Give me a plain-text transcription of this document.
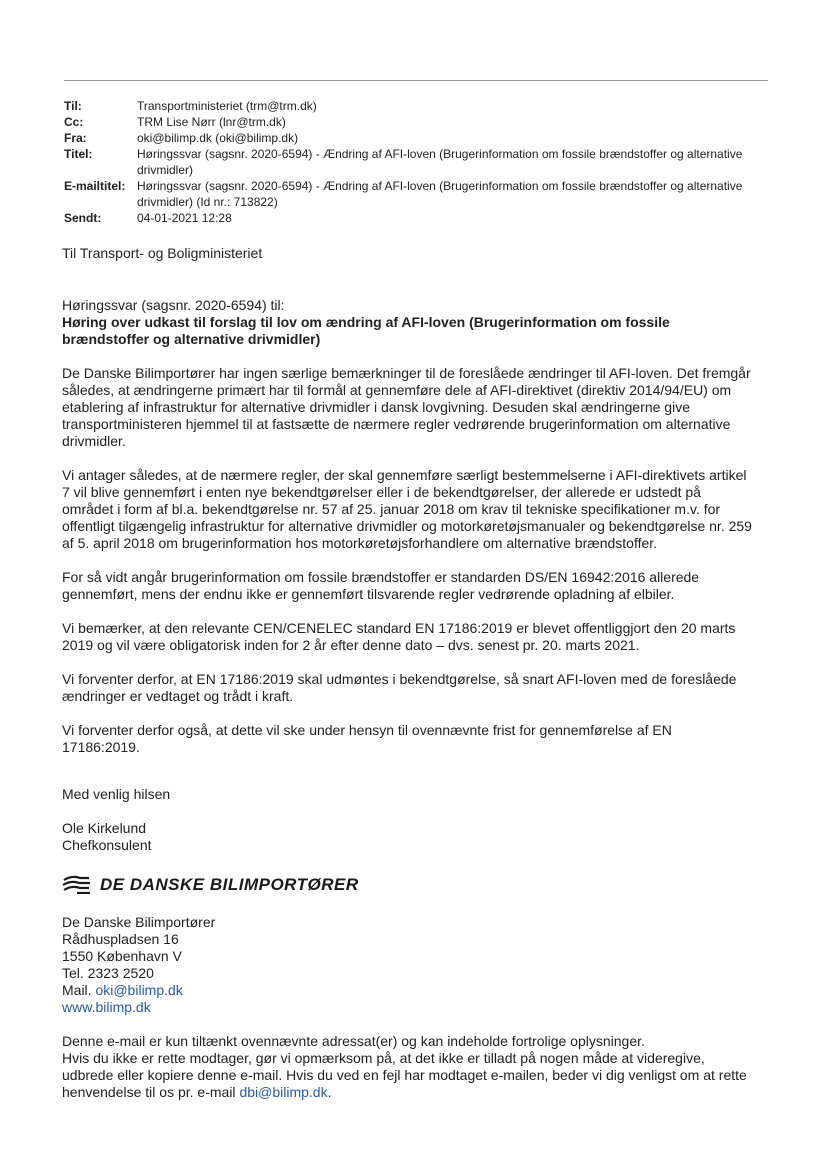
Til:	Transportministeriet (trm@trm.dk)
Cc:	TRM Lise Nørr (lnr@trm.dk)
Fra:	oki@bilimp.dk (oki@bilimp.dk)
Titel:	Høringssvar (sagsnr. 2020-6594) - Ændring af AFI-loven (Brugerinformation om fossile brændstoffer og alternative drivmidler)
E-mailtitel: Høringssvar (sagsnr. 2020-6594) - Ændring af AFI-loven (Brugerinformation om fossile brændstoffer og alternative drivmidler) (Id nr.: 713822)
Sendt:	04-01-2021 12:28

Til Transport- og Boligministeriet

Høringssvar (sagsnr. 2020-6594) til:

Høring over udkast til forslag til lov om ændring af AFI-loven (Brugerinformation om fossile brændstoffer og alternative drivmidler)

De Danske Bilimportører har ingen særlige bemærkninger til de foreslåede ændringer til AFI-loven. Det fremgår således, at ændringerne primært har til formål at gennemføre dele af AFI-direktivet (direktiv 2014/94/EU) om etablering af infrastruktur for alternative drivmidler i dansk lovgivning. Desuden skal ændringerne give transportministeren hjemmel til at fastsætte de nærmere regler vedrørende brugerinformation om alternative drivmidler.

Vi antager således, at de nærmere regler, der skal gennemføre særligt bestemmelserne i AFI-direktivets artikel 7 vil blive gennemført i enten nye bekendtgørelser eller i de bekendtgørelser, der allerede er udstedt på området i form af bl.a. bekendtgørelse nr. 57 af 25. januar 2018 om krav til tekniske specifikationer m.v. for offentligt tilgængelig infrastruktur for alternative drivmidler og motorkøretøjsmanualer og bekendtgørelse nr. 259 af 5. april 2018 om brugerinformation hos motorkøretøjsforhandlere om alternative brændstoffer.

For så vidt angår brugerinformation om fossile brændstoffer er standarden DS/EN 16942:2016 allerede gennemført, mens der endnu ikke er gennemført tilsvarende regler vedrørende opladning af elbiler.

Vi bemærker, at den relevante CEN/CENELEC standard EN 17186:2019 er blevet offentliggjort den 20 marts 2019 og vil være obligatorisk inden for 2 år efter denne dato – dvs. senest pr. 20. marts 2021.

Vi forventer derfor, at EN 17186:2019 skal udmøntes i bekendtgørelse, så snart AFI-loven med de foreslåede ændringer er vedtaget og trådt i kraft.

Vi forventer derfor også, at dette vil ske under hensyn til ovennævnte frist for gennemførelse af EN 17186:2019.

Med venlig hilsen

Ole Kirkelund

Chefkonsulent

DE DANSKE BILIMPORTØRER

De Danske Bilimportører

Rådhuspladsen 16

1550 København V

Tel. 2323 2520

Mail. oki@bilimp.dk

www.bilimp.dk

Denne e-mail er kun tiltænkt ovennævnte adressat(er) og kan indeholde fortrolige oplysninger.

Hvis du ikke er rette modtager, gør vi opmærksom på, at det ikke er tilladt på nogen måde at videregive, udbrede eller kopiere denne e-mail. Hvis du ved en fejl har modtaget e-mailen, beder vi dig venligst om at rette henvendelse til os pr. e-mail dbi@bilimp.dk.
